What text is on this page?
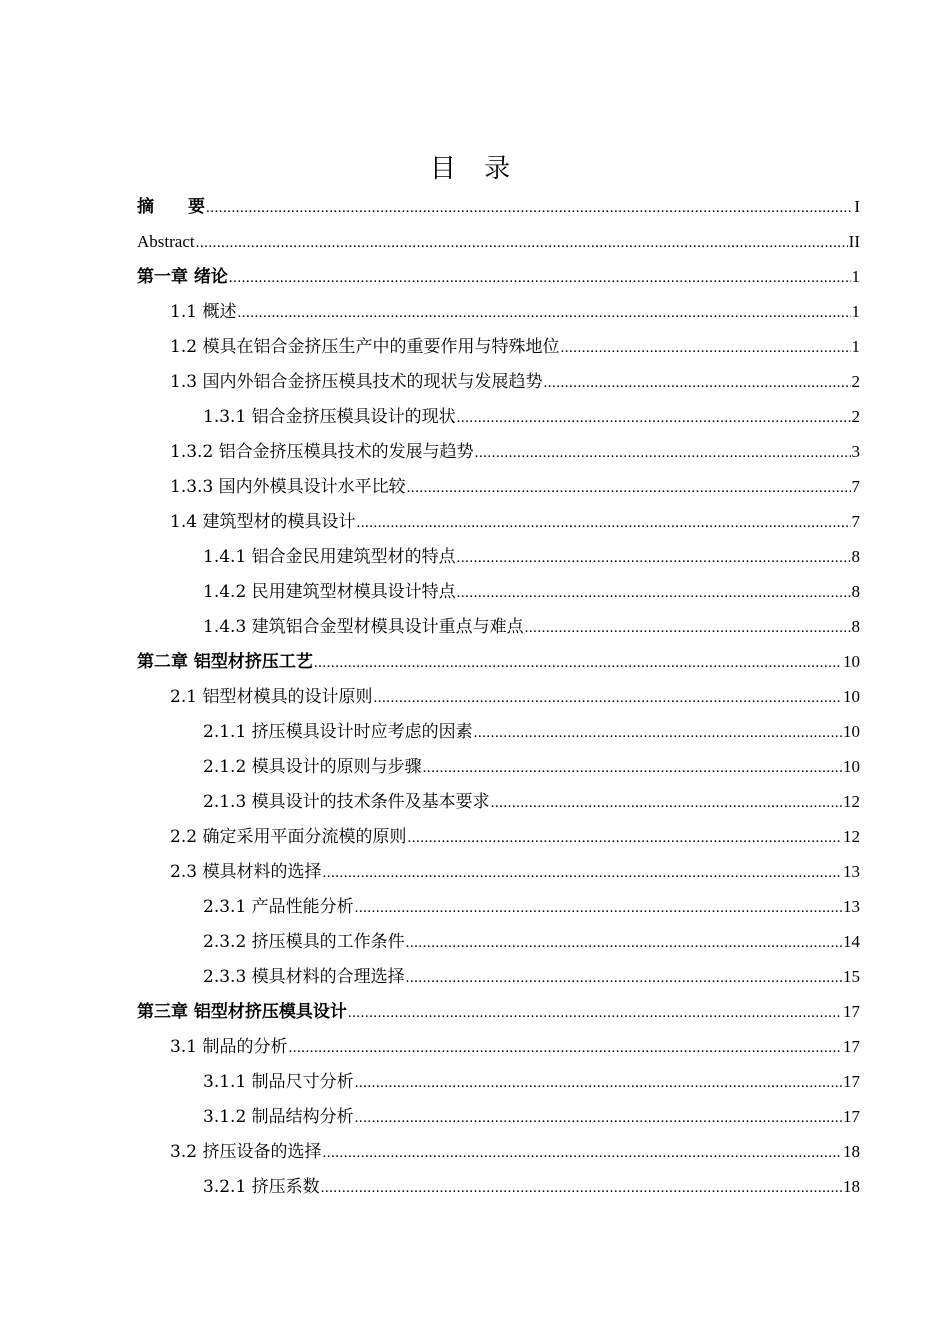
目 录
摘　　要 .....	I
Abstract .....	II
第一章 绪论 .....	1
1.1 概述 .....	1
1.2 模具在铝合金挤压生产中的重要作用与特殊地位 .....	1
1.3 国内外铝合金挤压模具技术的现状与发展趋势 .....	2
1.3.1 铝合金挤压模具设计的现状 .....	2
1.3.2 铝合金挤压模具技术的发展与趋势 .....	3
1.3.3 国内外模具设计水平比较 .....	7
1.4 建筑型材的模具设计 .....	7
1.4.1 铝合金民用建筑型材的特点 .....	8
1.4.2 民用建筑型材模具设计特点 .....	8
1.4.3 建筑铝合金型材模具设计重点与难点 .....	8
第二章 铝型材挤压工艺 .....	10
2.1 铝型材模具的设计原则 .....	10
2.1.1 挤压模具设计时应考虑的因素 .....	10
2.1.2 模具设计的原则与步骤 .....	10
2.1.3 模具设计的技术条件及基本要求 .....	12
2.2 确定采用平面分流模的原则 .....	12
2.3 模具材料的选择 .....	13
2.3.1 产品性能分析 .....	13
2.3.2 挤压模具的工作条件 .....	14
2.3.3 模具材料的合理选择 .....	15
第三章 铝型材挤压模具设计 .....	17
3.1 制品的分析 .....	17
3.1.1 制品尺寸分析 .....	17
3.1.2 制品结构分析 .....	17
3.2 挤压设备的选择 .....	18
3.2.1 挤压系数 .....	18
